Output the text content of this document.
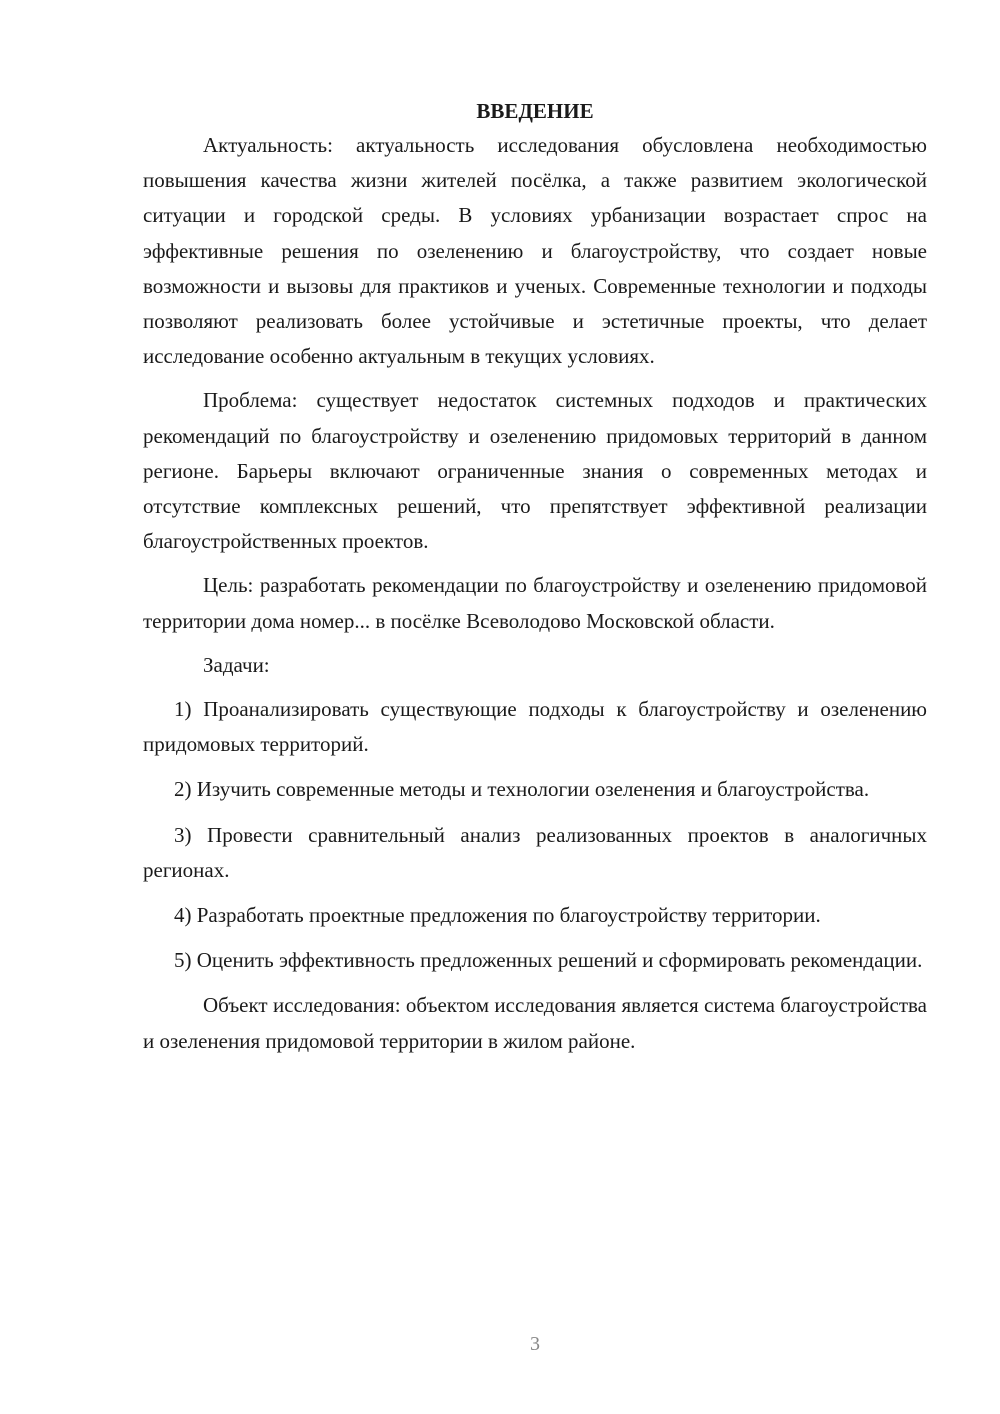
ВВЕДЕНИЕ

Актуальность: актуальность исследования обусловлена необходимостью повышения качества жизни жителей посёлка, а также развитием экологической ситуации и городской среды. В условиях урбанизации возрастает спрос на эффективные решения по озеленению и благоустройству, что создает новые возможности и вызовы для практиков и ученых. Современные технологии и подходы позволяют реализовать более устойчивые и эстетичные проекты, что делает исследование особенно актуальным в текущих условиях.

Проблема: существует недостаток системных подходов и практических рекомендаций по благоустройству и озеленению придомовых территорий в данном регионе. Барьеры включают ограниченные знания о современных методах и отсутствие комплексных решений, что препятствует эффективной реализации благоустройственных проектов.

Цель: разработать рекомендации по благоустройству и озеленению придомовой территории дома номер... в посёлке Всеволодово Московской области.

Задачи:

1) Проанализировать существующие подходы к благоустройству и озеленению придомовых территорий.

2) Изучить современные методы и технологии озеленения и благоустройства.

3) Провести сравнительный анализ реализованных проектов в аналогичных регионах.

4) Разработать проектные предложения по благоустройству территории.

5) Оценить эффективность предложенных решений и сформировать рекомендации.

Объект исследования: объектом исследования является система благоустройства и озеленения придомовой территории в жилом районе.

3
